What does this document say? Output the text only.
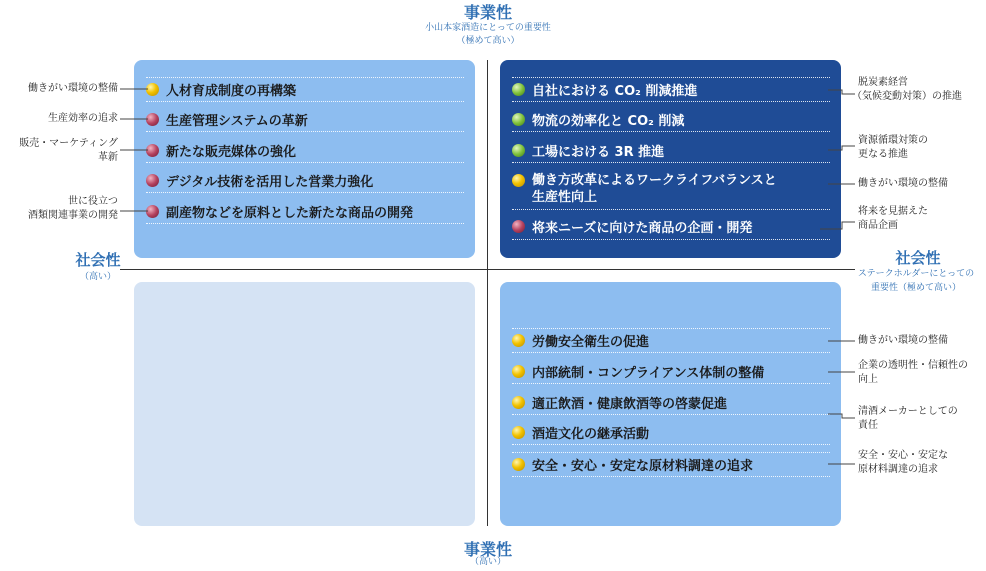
事業性
小山本家酒造にとっての重要性
（極めて高い）
事業性
（高い）
社会性
（高い）
社会性
ステークホルダーにとっての
重要性（極めて高い）
人材育成制度の再構築
生産管理システムの革新
新たな販売媒体の強化
デジタル技術を活用した営業力強化
副産物などを原料とした新たな商品の開発
自社における CO₂ 削減推進
物流の効率化と CO₂ 削減
工場における 3R 推進
働き方改革によるワークライフバランスと
生産性向上
将来ニーズに向けた商品の企画・開発
労働安全衛生の促進
内部統制・コンプライアンス体制の整備
適正飲酒・健康飲酒等の啓蒙促進
酒造文化の継承活動
安全・安心・安定な原材料調達の追求
働きがい環境の整備
生産効率の追求
販売・マーケティング
革新
世に役立つ
酒類関連事業の開発
脱炭素経営
（気候変動対策）の推進
資源循環対策の
更なる推進
働きがい環境の整備
将来を見据えた
商品企画
働きがい環境の整備
企業の透明性・信頼性の
向上
清酒メーカーとしての
責任
安全・安心・安定な
原材料調達の追求
